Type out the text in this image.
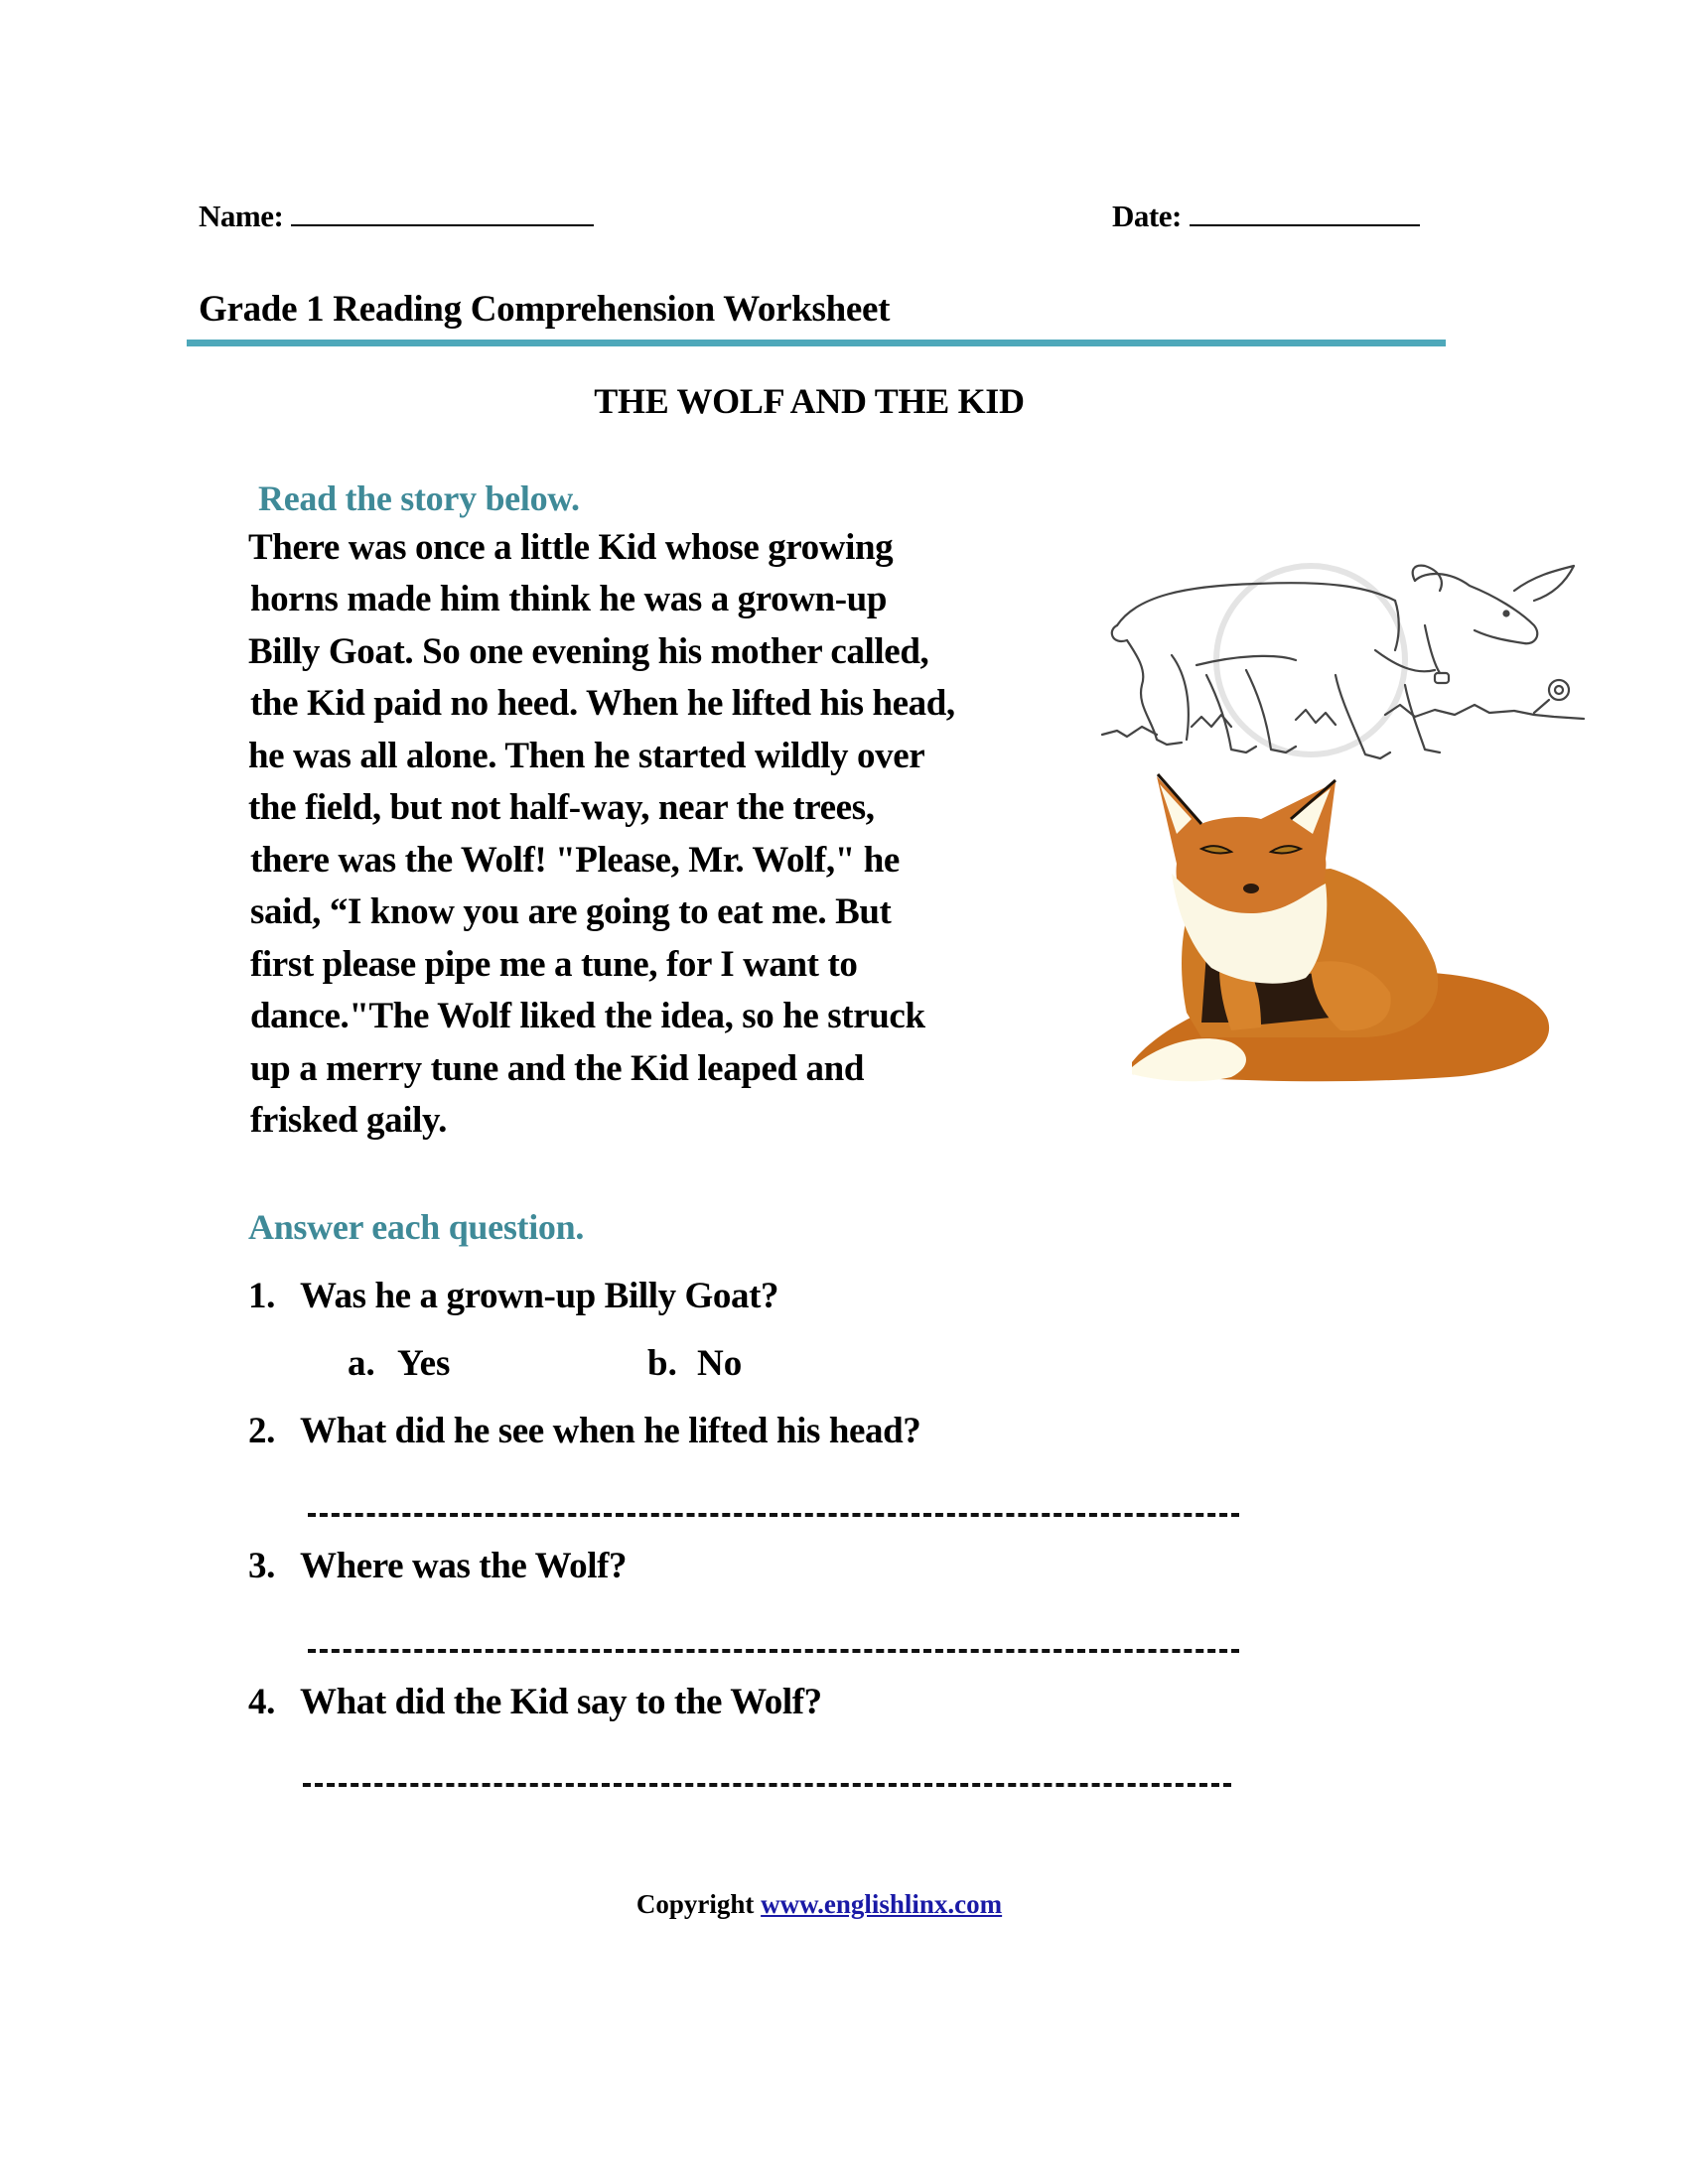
Name:	Date:
Grade 1 Reading Comprehension Worksheet
THE WOLF AND THE KID
Read the story below.
There was once a little Kid whose growing
horns made him think he was a grown-up
Billy Goat. So one evening his mother called,
the Kid paid no heed. When he lifted his head,
he was all alone. Then he started wildly over
the field, but not half-way, near the trees,
there was the Wolf! "Please, Mr. Wolf," he
said, “I know you are going to eat me. But
first please pipe me a tune, for I want to
dance."The Wolf liked the idea, so he struck
up a merry tune and the Kid leaped and
frisked gaily.
Answer each question.
1. Was he a grown-up Billy Goat?
a. Yes	b. No
2. What did he see when he lifted his head?
3. Where was the Wolf?
4. What did the Kid say to the Wolf?
Copyright www.englishlinx.com
